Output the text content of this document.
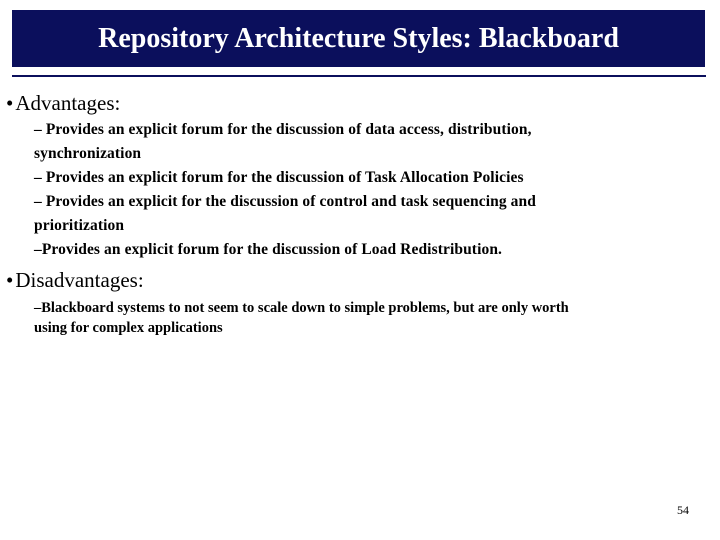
Repository Architecture Styles: Blackboard
•Advantages:
– Provides an explicit forum for the discussion of data access, distribution,
synchronization
– Provides an explicit forum for the discussion of Task Allocation Policies
– Provides an explicit for the discussion of control and task sequencing and
prioritization
–Provides an explicit forum for the discussion of Load Redistribution.
•Disadvantages:
–Blackboard systems to not seem to scale down to simple problems, but are only worth
using for complex applications
54
